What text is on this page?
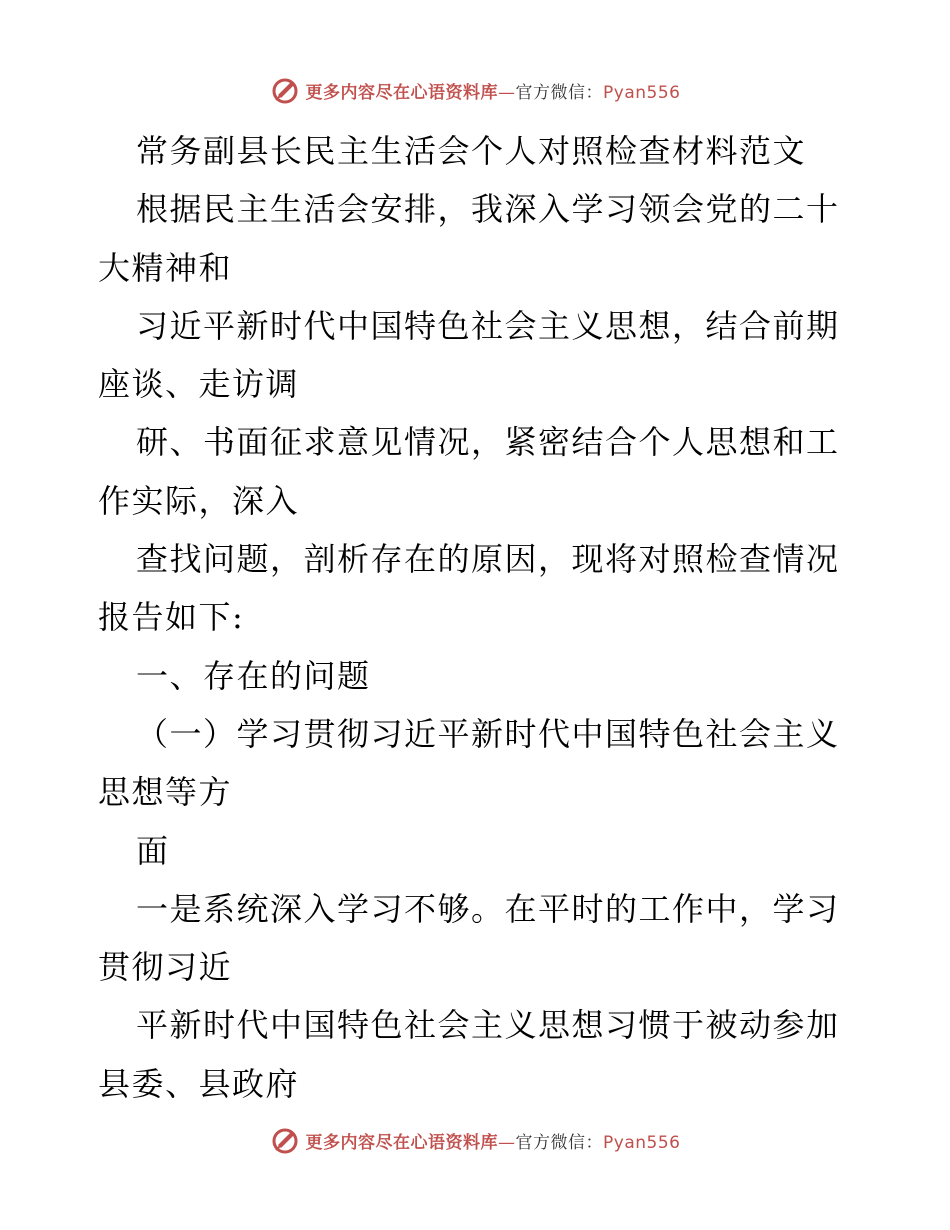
更多内容尽在心语资料库—官方微信：Pyan556
常务副县长民主生活会个人对照检查材料范文
根据民主生活会安排，我深入学习领会党的二十
大精神和
习近平新时代中国特色社会主义思想，结合前期
座谈、走访调
研、书面征求意见情况，紧密结合个人思想和工
作实际，深入
查找问题，剖析存在的原因，现将对照检查情况
报告如下:
一、存在的问题
（一）学习贯彻习近平新时代中国特色社会主义
思想等方
面
一是系统深入学习不够。在平时的工作中，学习
贯彻习近
平新时代中国特色社会主义思想习惯于被动参加
县委、县政府
更多内容尽在心语资料库—官方微信：Pyan556
